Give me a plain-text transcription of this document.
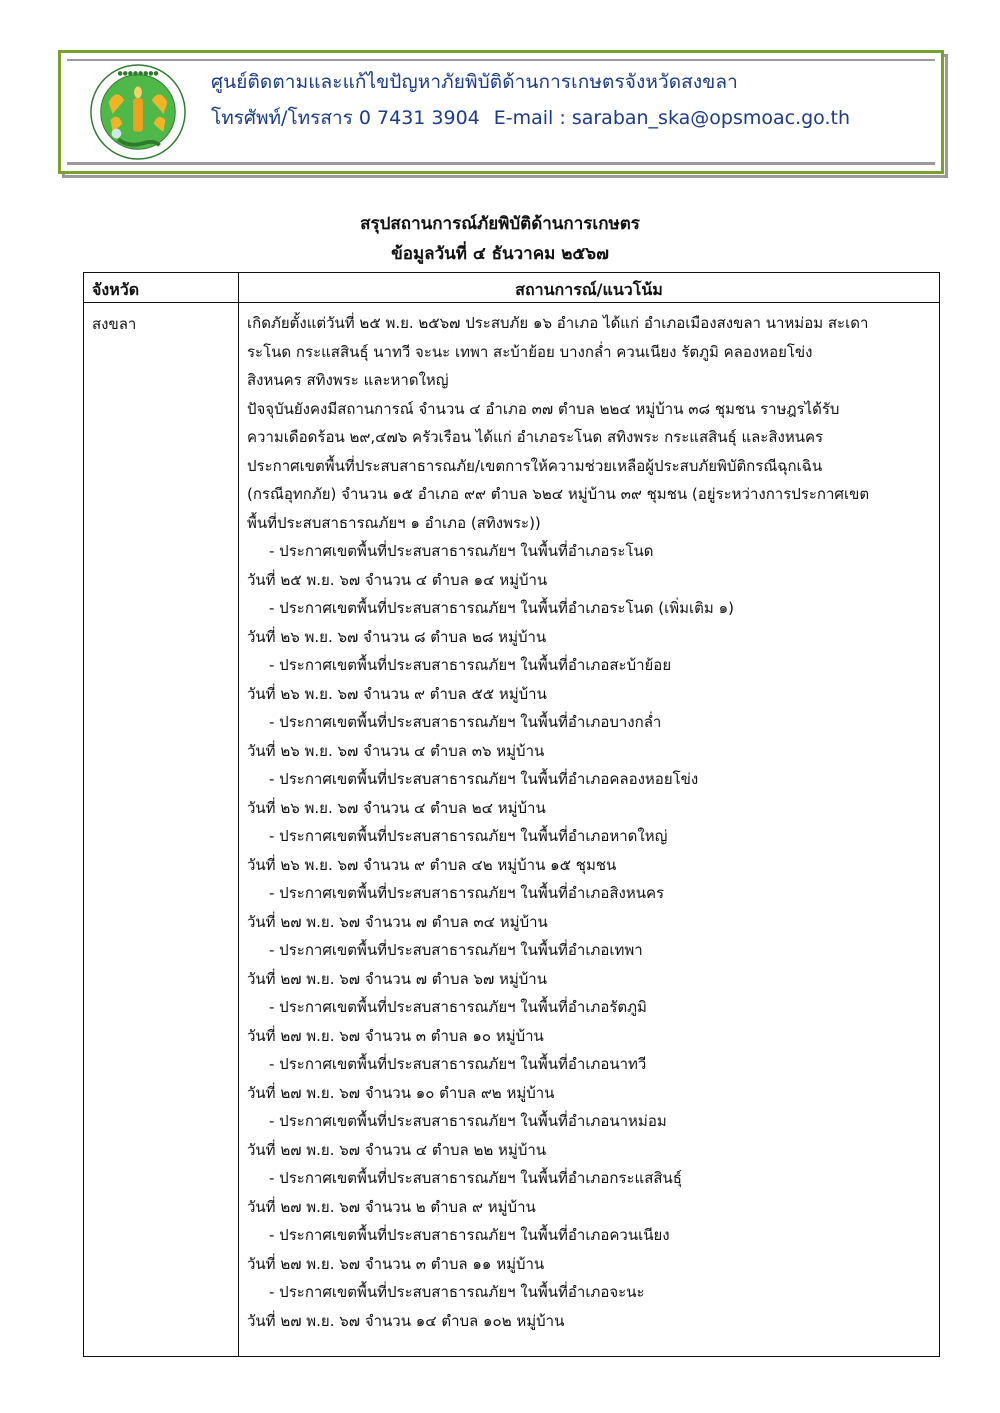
●●●●●●●●	ศูนย์ติดตามและแก้ไขปัญหาภัยพิบัติด้านการเกษตรจังหวัดสงขลา
โทรศัพท์/โทรสาร 0 7431 3904 E-mail : saraban_ska@opsmoac.go.th
สรุปสถานการณ์ภัยพิบัติด้านการเกษตร
ข้อมูลวันที่ ๔ ธันวาคม ๒๕๖๗
จังหวัด	สถานการณ์/แนวโน้ม
สงขลา	เกิดภัยตั้งแต่วันที่ ๒๕ พ.ย. ๒๕๖๗ ประสบภัย ๑๖ อำเภอ ได้แก่ อำเภอเมืองสงขลา นาหม่อม สะเดา

ระโนด กระแสสินธุ์ นาทวี จะนะ เทพา สะบ้าย้อย บางกล่ำ ควนเนียง รัตภูมิ คลองหอยโข่ง

สิงหนคร สทิงพระ และหาดใหญ่

ปัจจุบันยังคงมีสถานการณ์ จำนวน ๔ อำเภอ ๓๗ ตำบล ๒๒๔ หมู่บ้าน ๓๘ ชุมชน ราษฎรได้รับ

ความเดือดร้อน ๒๙,๔๗๖ ครัวเรือน ได้แก่ อำเภอระโนด สทิงพระ กระแสสินธุ์ และสิงหนคร

ประกาศเขตพื้นที่ประสบสาธารณภัย/เขตการให้ความช่วยเหลือผู้ประสบภัยพิบัติกรณีฉุกเฉิน

(กรณีอุทกภัย) จำนวน ๑๕ อำเภอ ๙๙ ตำบล ๖๒๔ หมู่บ้าน ๓๙ ชุมชน (อยู่ระหว่างการประกาศเขต

พื้นที่ประสบสาธารณภัยฯ ๑ อำเภอ (สทิงพระ))

- ประกาศเขตพื้นที่ประสบสาธารณภัยฯ ในพื้นที่อำเภอระโนด

วันที่ ๒๕ พ.ย. ๖๗ จำนวน ๔ ตำบล ๑๔ หมู่บ้าน

- ประกาศเขตพื้นที่ประสบสาธารณภัยฯ ในพื้นที่อำเภอระโนด (เพิ่มเติม ๑)

วันที่ ๒๖ พ.ย. ๖๗ จำนวน ๘ ตำบล ๒๘ หมู่บ้าน

- ประกาศเขตพื้นที่ประสบสาธารณภัยฯ ในพื้นที่อำเภอสะบ้าย้อย

วันที่ ๒๖ พ.ย. ๖๗ จำนวน ๙ ตำบล ๕๕ หมู่บ้าน

- ประกาศเขตพื้นที่ประสบสาธารณภัยฯ ในพื้นที่อำเภอบางกล่ำ

วันที่ ๒๖ พ.ย. ๖๗ จำนวน ๔ ตำบล ๓๖ หมู่บ้าน

- ประกาศเขตพื้นที่ประสบสาธารณภัยฯ ในพื้นที่อำเภอคลองหอยโข่ง

วันที่ ๒๖ พ.ย. ๖๗ จำนวน ๔ ตำบล ๒๔ หมู่บ้าน

- ประกาศเขตพื้นที่ประสบสาธารณภัยฯ ในพื้นที่อำเภอหาดใหญ่

วันที่ ๒๖ พ.ย. ๖๗ จำนวน ๙ ตำบล ๔๒ หมู่บ้าน ๑๕ ชุมชน

- ประกาศเขตพื้นที่ประสบสาธารณภัยฯ ในพื้นที่อำเภอสิงหนคร

วันที่ ๒๗ พ.ย. ๖๗ จำนวน ๗ ตำบล ๓๔ หมู่บ้าน

- ประกาศเขตพื้นที่ประสบสาธารณภัยฯ ในพื้นที่อำเภอเทพา

วันที่ ๒๗ พ.ย. ๖๗ จำนวน ๗ ตำบล ๖๗ หมู่บ้าน

- ประกาศเขตพื้นที่ประสบสาธารณภัยฯ ในพื้นที่อำเภอรัตภูมิ

วันที่ ๒๗ พ.ย. ๖๗ จำนวน ๓ ตำบล ๑๐ หมู่บ้าน

- ประกาศเขตพื้นที่ประสบสาธารณภัยฯ ในพื้นที่อำเภอนาทวี

วันที่ ๒๗ พ.ย. ๖๗ จำนวน ๑๐ ตำบล ๙๒ หมู่บ้าน

- ประกาศเขตพื้นที่ประสบสาธารณภัยฯ ในพื้นที่อำเภอนาหม่อม

วันที่ ๒๗ พ.ย. ๖๗ จำนวน ๔ ตำบล ๒๒ หมู่บ้าน

- ประกาศเขตพื้นที่ประสบสาธารณภัยฯ ในพื้นที่อำเภอกระแสสินธุ์

วันที่ ๒๗ พ.ย. ๖๗ จำนวน ๒ ตำบล ๙ หมู่บ้าน

- ประกาศเขตพื้นที่ประสบสาธารณภัยฯ ในพื้นที่อำเภอควนเนียง

วันที่ ๒๗ พ.ย. ๖๗ จำนวน ๓ ตำบล ๑๑ หมู่บ้าน

- ประกาศเขตพื้นที่ประสบสาธารณภัยฯ ในพื้นที่อำเภอจะนะ

วันที่ ๒๗ พ.ย. ๖๗ จำนวน ๑๔ ตำบล ๑๐๒ หมู่บ้าน
